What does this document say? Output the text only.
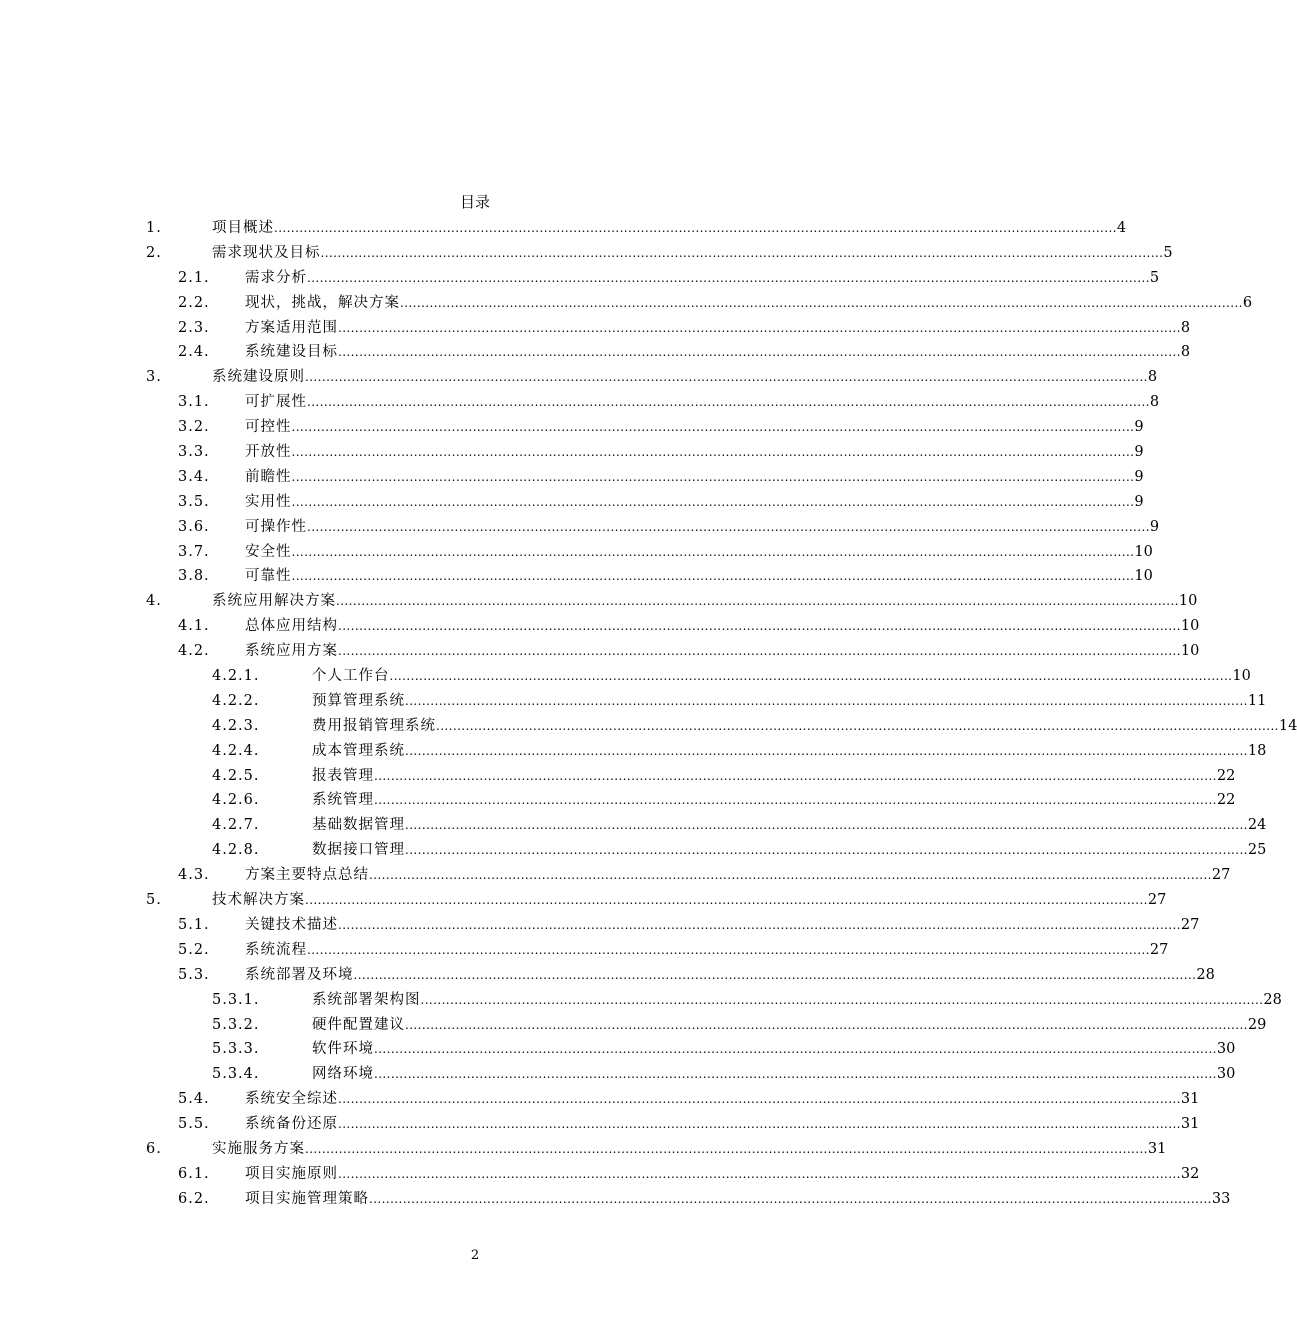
目录
1.	项目概述 ........................................................................................................................................................................................................ 4
2.	需求现状及目标 ........................................................................................................................................................................................................ 5
2.1. 需求分析 ........................................................................................................................................................................................................ 5
2.2. 现状，挑战，解决方案 ........................................................................................................................................................................................................ 6
2.3. 方案适用范围 ........................................................................................................................................................................................................ 8
2.4. 系统建设目标 ........................................................................................................................................................................................................ 8
3.	系统建设原则 ........................................................................................................................................................................................................ 8
3.1. 可扩展性 ........................................................................................................................................................................................................ 8
3.2. 可控性 ........................................................................................................................................................................................................ 9
3.3. 开放性 ........................................................................................................................................................................................................ 9
3.4. 前瞻性 ........................................................................................................................................................................................................ 9
3.5. 实用性 ........................................................................................................................................................................................................ 9
3.6. 可操作性 ........................................................................................................................................................................................................ 9
3.7. 安全性 ........................................................................................................................................................................................................ 10
3.8. 可靠性 ........................................................................................................................................................................................................ 10
4.	系统应用解决方案 ........................................................................................................................................................................................................ 10
4.1. 总体应用结构 ........................................................................................................................................................................................................ 10
4.2. 系统应用方案 ........................................................................................................................................................................................................ 10
4.2.1.	个人工作台 ........................................................................................................................................................................................................ 10
4.2.2.	预算管理系统 ........................................................................................................................................................................................................ 11
4.2.3.	费用报销管理系统 ........................................................................................................................................................................................................ 14
4.2.4.	成本管理系统 ........................................................................................................................................................................................................ 18
4.2.5.	报表管理 ........................................................................................................................................................................................................ 22
4.2.6.	系统管理 ........................................................................................................................................................................................................ 22
4.2.7.	基础数据管理 ........................................................................................................................................................................................................ 24
4.2.8.	数据接口管理 ........................................................................................................................................................................................................ 25
4.3. 方案主要特点总结 ........................................................................................................................................................................................................ 27
5.	技术解决方案 ........................................................................................................................................................................................................ 27
5.1. 关键技术描述 ........................................................................................................................................................................................................ 27
5.2. 系统流程 ........................................................................................................................................................................................................ 27
5.3. 系统部署及环境 ........................................................................................................................................................................................................ 28
5.3.1.	系统部署架构图 ........................................................................................................................................................................................................ 28
5.3.2.	硬件配置建议 ........................................................................................................................................................................................................ 29
5.3.3.	软件环境 ........................................................................................................................................................................................................ 30
5.3.4.	网络环境 ........................................................................................................................................................................................................ 30
5.4. 系统安全综述 ........................................................................................................................................................................................................ 31
5.5. 系统备份还原 ........................................................................................................................................................................................................ 31
6.	实施服务方案 ........................................................................................................................................................................................................ 31
6.1. 项目实施原则 ........................................................................................................................................................................................................ 32
6.2. 项目实施管理策略 ........................................................................................................................................................................................................ 33
2
